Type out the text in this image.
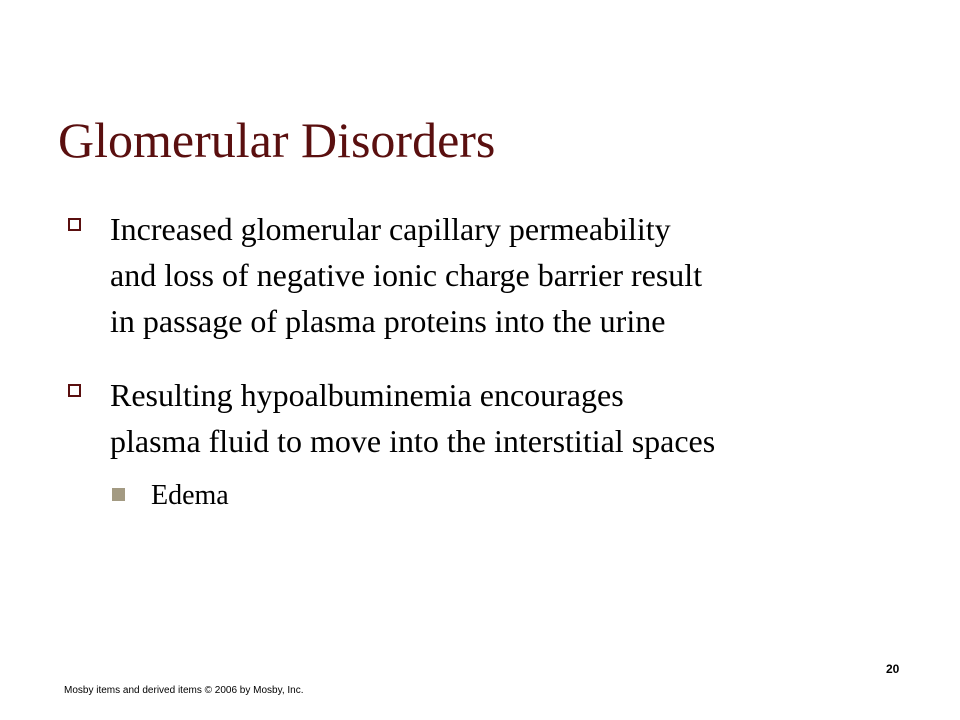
Glomerular Disorders
Increased glomerular capillary permeability
and loss of negative ionic charge barrier result
in passage of plasma proteins into the urine
Resulting hypoalbuminemia encourages
plasma fluid to move into the interstitial spaces
Edema
20
Mosby items and derived items © 2006 by Mosby, Inc.
